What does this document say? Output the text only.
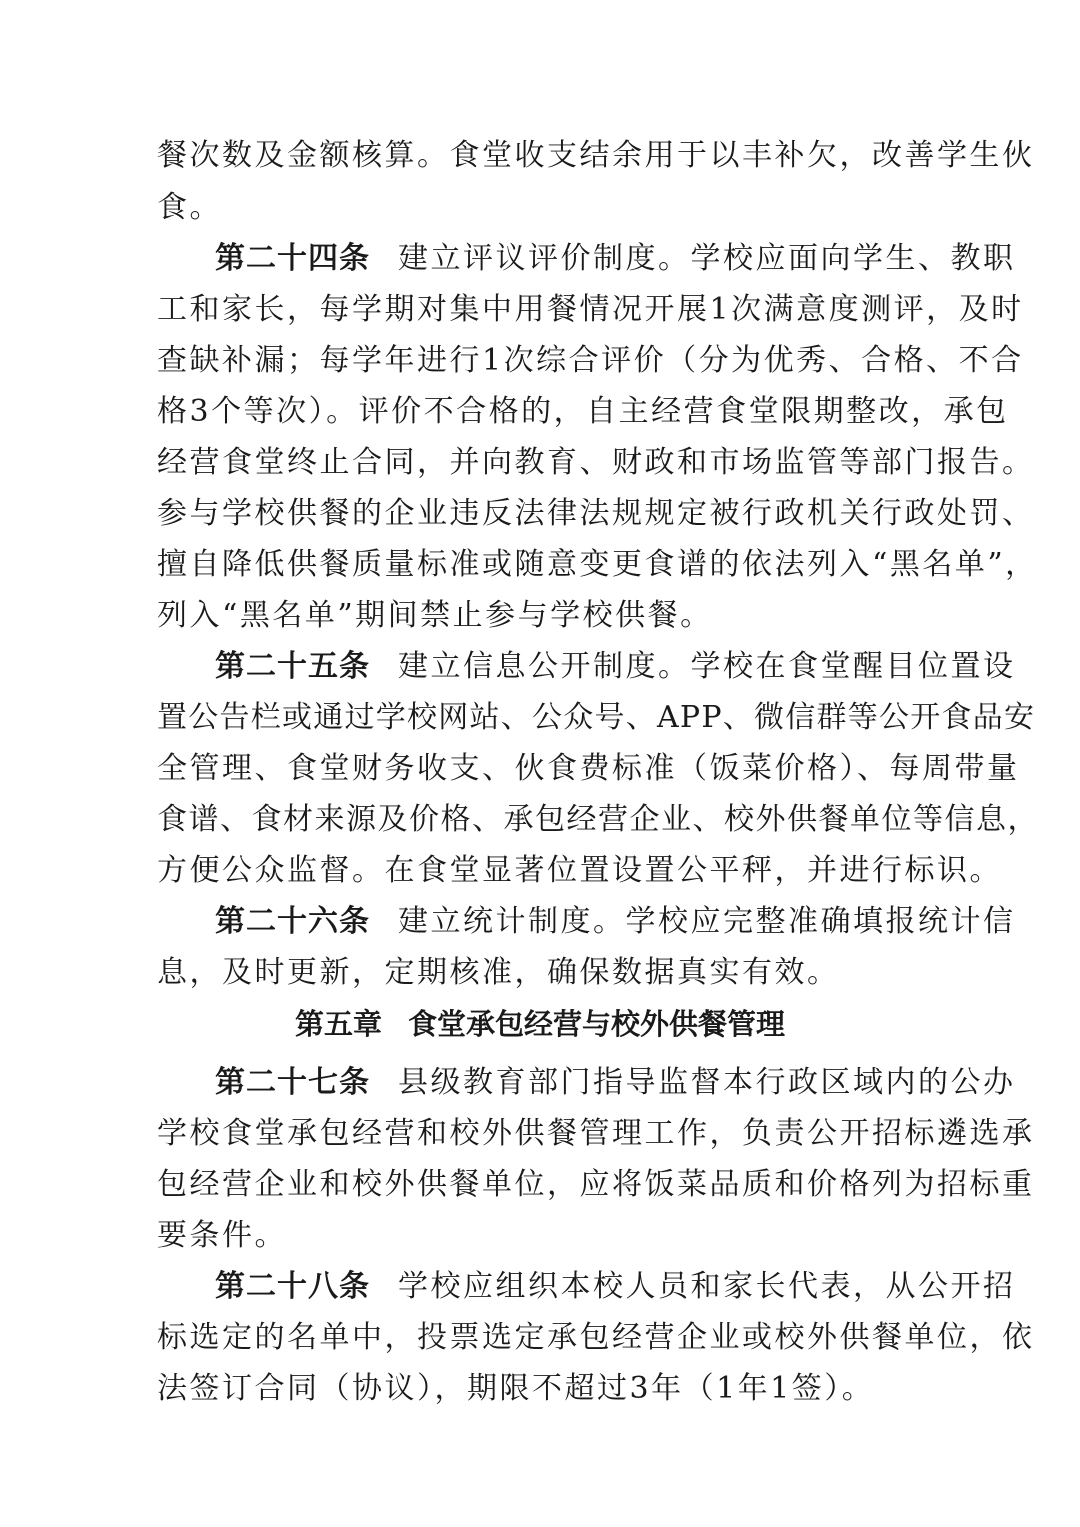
餐次数及金额核算。食堂收支结余用于以丰补欠，改善学生伙
食。
第二十四条 建立评议评价制度。学校应面向学生、教职
工和家长，每学期对集中用餐情况开展1次满意度测评，及时
查缺补漏；每学年进行1次综合评价（分为优秀、合格、不合
格3个等次）。评价不合格的，自主经营食堂限期整改，承包
经营食堂终止合同，并向教育、财政和市场监管等部门报告。
参与学校供餐的企业违反法律法规规定被行政机关行政处罚、
擅自降低供餐质量标准或随意变更食谱的依法列入“黑名单”，
列入“黑名单”期间禁止参与学校供餐。
第二十五条 建立信息公开制度。学校在食堂醒目位置设
置公告栏或通过学校网站、公众号、APP、微信群等公开食品安
全管理、食堂财务收支、伙食费标准（饭菜价格）、每周带量
食谱、食材来源及价格、承包经营企业、校外供餐单位等信息，
方便公众监督。在食堂显著位置设置公平秤，并进行标识。
第二十六条 建立统计制度。学校应完整准确填报统计信
息，及时更新，定期核准，确保数据真实有效。
第五章 食堂承包经营与校外供餐管理
第二十七条 县级教育部门指导监督本行政区域内的公办
学校食堂承包经营和校外供餐管理工作，负责公开招标遴选承
包经营企业和校外供餐单位，应将饭菜品质和价格列为招标重
要条件。
第二十八条 学校应组织本校人员和家长代表，从公开招
标选定的名单中，投票选定承包经营企业或校外供餐单位，依
法签订合同（协议），期限不超过3年（1年1签）。
